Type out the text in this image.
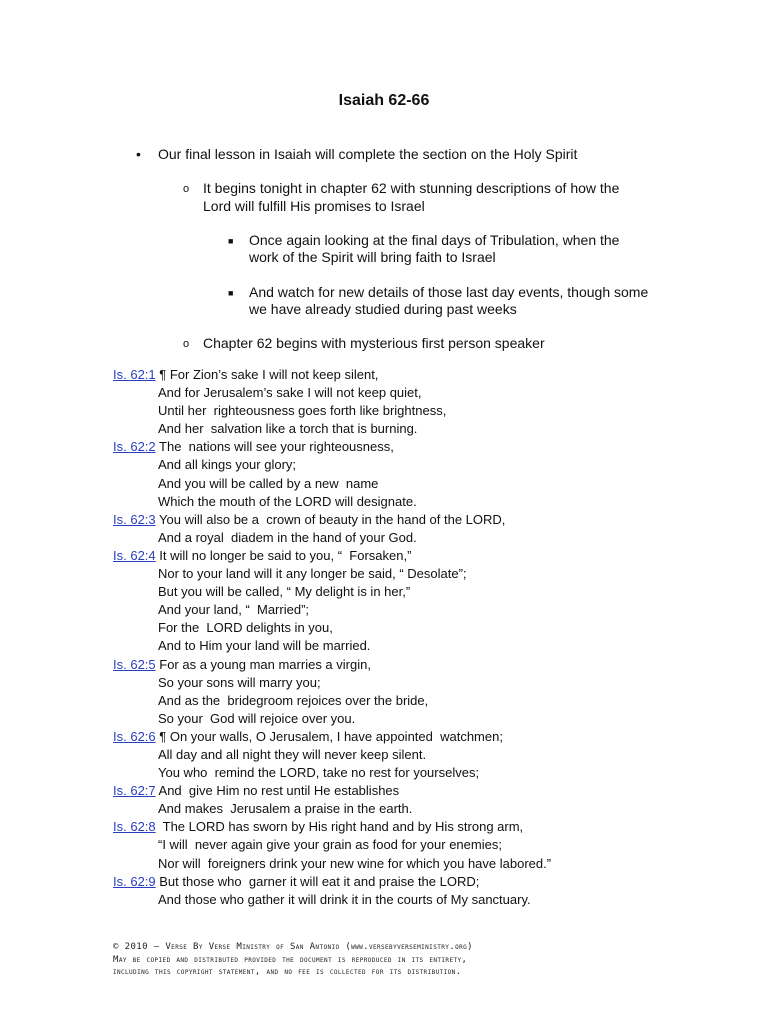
Isaiah 62-66
• Our final lesson in Isaiah will complete the section on the Holy Spirit
o It begins tonight in chapter 62 with stunning descriptions of how the
Lord will fulfill His promises to Israel
■ Once again looking at the final days of Tribulation, when the
work of the Spirit will bring faith to Israel
■ And watch for new details of those last day events, though some
we have already studied during past weeks
o Chapter 62 begins with mysterious first person speaker
Is. 62:1 ¶ For Zion’s sake I will not keep silent,
And for Jerusalem’s sake I will not keep quiet,
Until her  righteousness goes forth like brightness,
And her  salvation like a torch that is burning.
Is. 62:2 The  nations will see your righteousness,
And all kings your glory;
And you will be called by a new  name
Which the mouth of the LORD will designate.
Is. 62:3 You will also be a  crown of beauty in the hand of the LORD,
And a royal  diadem in the hand of your God.
Is. 62:4 It will no longer be said to you, “  Forsaken,”
Nor to your land will it any longer be said, “ Desolate”;
But you will be called, “ My delight is in her,”
And your land, “  Married”;
For the  LORD delights in you,
And to Him your land will be married.
Is. 62:5 For as a young man marries a virgin,
So your sons will marry you;
And as the  bridegroom rejoices over the bride,
So your  God will rejoice over you.
Is. 62:6 ¶ On your walls, O Jerusalem, I have appointed  watchmen;
All day and all night they will never keep silent.
You who  remind the LORD, take no rest for yourselves;
Is. 62:7 And  give Him no rest until He establishes
And makes  Jerusalem a praise in the earth.
Is. 62:8  The LORD has sworn by His right hand and by His strong arm,
“I will  never again give your grain as food for your enemies;
Nor will  foreigners drink your new wine for which you have labored.”
Is. 62:9 But those who  garner it will eat it and praise the LORD;
And those who gather it will drink it in the courts of My sanctuary.
© 2010 – Verse By Verse Ministry of San Antonio (www.versebyverseministry.org)
May be copied and distributed provided the document is reproduced in its entirety,
including this copyright statement, and no fee is collected for its distribution.
